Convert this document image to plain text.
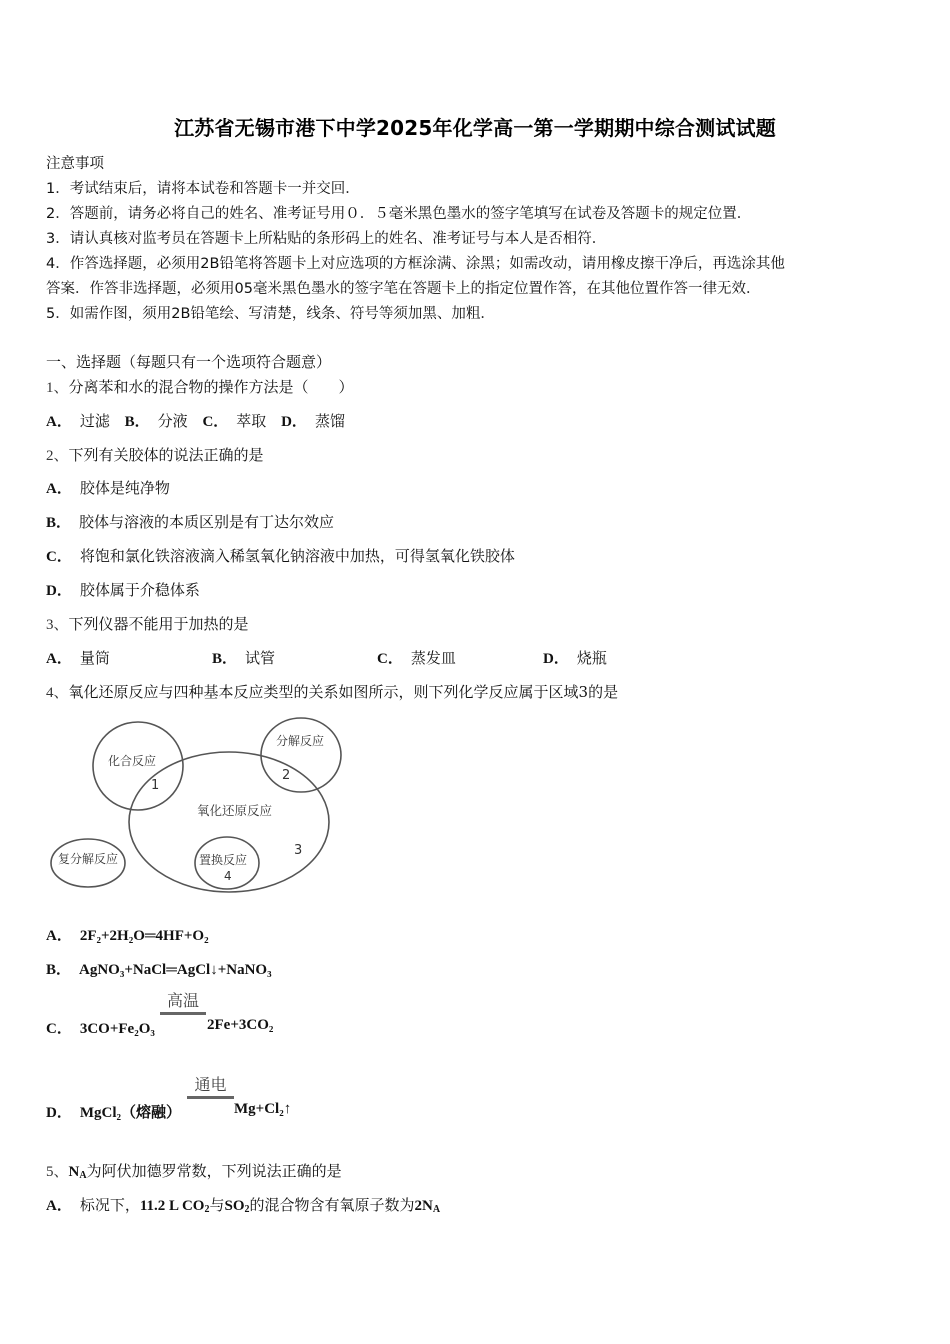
江苏省无锡市港下中学2025年化学高一第一学期期中综合测试试题
注意事项
1．考试结束后，请将本试卷和答题卡一并交回．
2．答题前，请务必将自己的姓名、准考证号用０．５毫米黑色墨水的签字笔填写在试卷及答题卡的规定位置．
3．请认真核对监考员在答题卡上所粘贴的条形码上的姓名、准考证号与本人是否相符．
4．作答选择题，必须用2B铅笔将答题卡上对应选项的方框涂满、涂黑；如需改动，请用橡皮擦干净后，再选涂其他
答案．作答非选择题，必须用05毫米黑色墨水的签字笔在答题卡上的指定位置作答，在其他位置作答一律无效．
5．如需作图，须用2B铅笔绘、写清楚，线条、符号等须加黑、加粗．
一、选择题（每题只有一个选项符合题意）
1、分离苯和水的混合物的操作方法是（　　）
A． 过滤 B． 分液 C． 萃取 D． 蒸馏
2、下列有关胶体的说法正确的是
A． 胶体是纯净物
B． 胶体与溶液的本质区别是有丁达尔效应
C． 将饱和氯化铁溶液滴入稀氢氧化钠溶液中加热，可得氢氧化铁胶体
D． 胶体属于介稳体系
3、下列仪器不能用于加热的是
A． 量筒	B． 试管	C． 蒸发皿	D． 烧瓶
4、氧化还原反应与四种基本反应类型的关系如图所示，则下列化学反应属于区域3的是
化合反应
1
分解反应
2
氧化还原反应
3
复分解反应	置换反应
4
A． 2F₂+2H₂O═4HF+O₂
B． AgNO₃+NaCl═AgCl↓+NaNO₃
C． 3CO+Fe₂O₃
高温
2Fe+3CO₂
D． MgCl₂（熔融）
通电
Mg+Cl₂↑
5、$N_A$为阿伏加德罗常数，下列说法正确的是
A． 标况下，11.2 L $CO_2$与$SO_2$的混合物含有氧原子数为$2N_A$
